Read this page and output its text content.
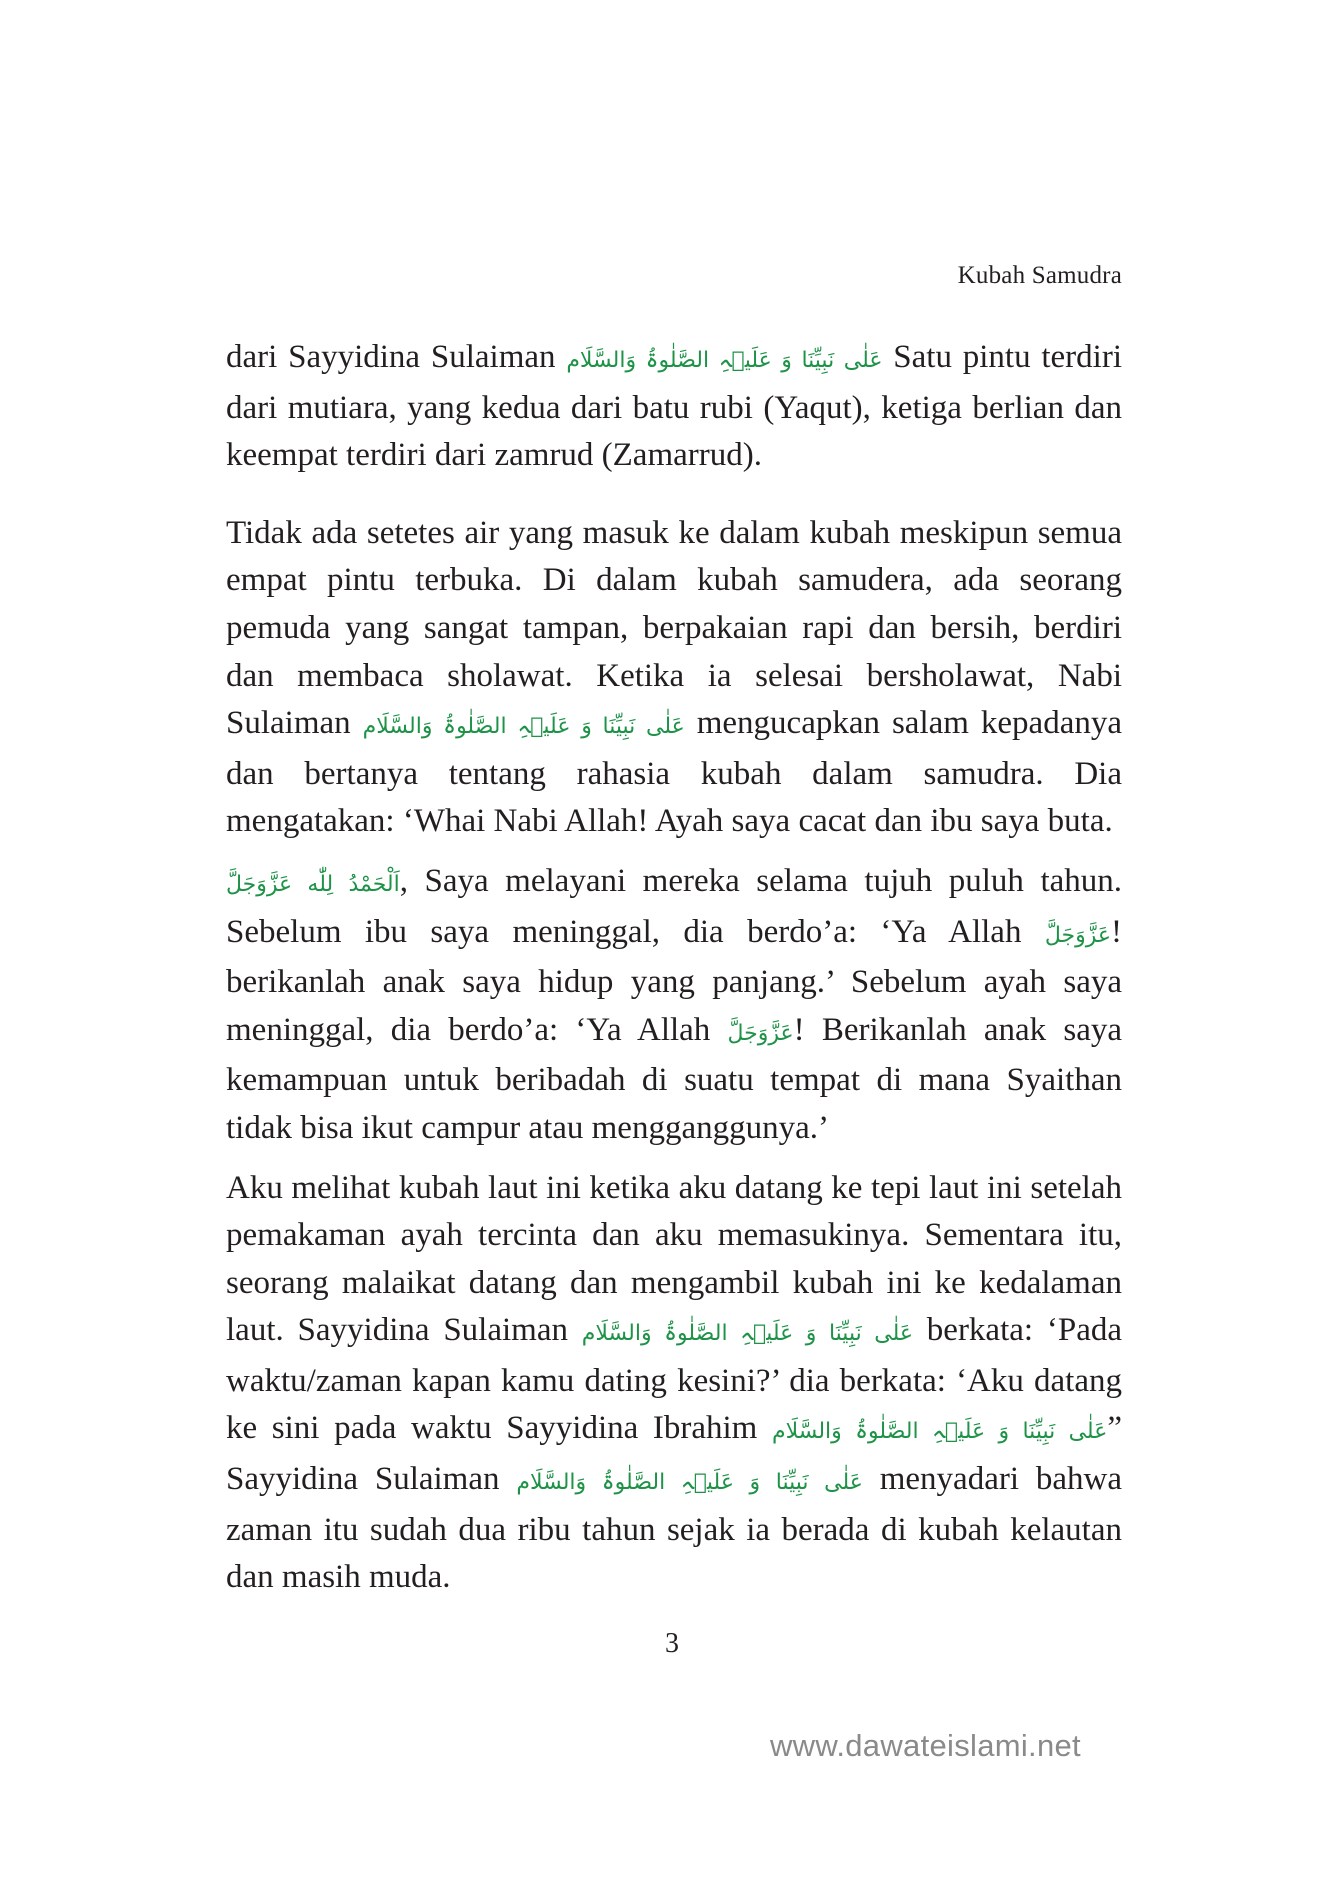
Kubah Samudra

dari Sayyidina Sulaiman عَلٰی نَبِیِّنَا وَ عَلَیۡہِ الصَّلٰوۃُ وَالسَّلَام Satu pintu terdiri dari mutiara, yang kedua dari batu rubi (Yaqut), ketiga berlian dan keempat terdiri dari zamrud (Zamarrud).

Tidak ada setetes air yang masuk ke dalam kubah meskipun semua empat pintu terbuka. Di dalam kubah samudera, ada seorang pemuda yang sangat tampan, berpakaian rapi dan bersih, berdiri dan membaca sholawat. Ketika ia selesai bersholawat, Nabi Sulaiman عَلٰی نَبِیِّنَا وَ عَلَیۡہِ الصَّلٰوۃُ وَالسَّلَام mengucapkan salam kepadanya dan bertanya tentang rahasia kubah dalam samudra. Dia mengatakan: ‘Whai Nabi Allah! Ayah saya cacat dan ibu saya buta.

اَلْحَمْدُ لِلّٰه عَزَّوَجَلَّ, Saya melayani mereka selama tujuh puluh tahun. Sebelum ibu saya meninggal, dia berdo’a: ‘Ya Allah عَزَّوَجَلَّ! berikanlah anak saya hidup yang panjang.’ Sebelum ayah saya meninggal, dia berdo’a: ‘Ya Allah عَزَّوَجَلَّ! Berikanlah anak saya kemampuan untuk beribadah di suatu tempat di mana Syaithan tidak bisa ikut campur atau mengganggunya.’

Aku melihat kubah laut ini ketika aku datang ke tepi laut ini setelah pemakaman ayah tercinta dan aku memasukinya. Sementara itu, seorang malaikat datang dan mengambil kubah ini ke kedalaman laut. Sayyidina Sulaiman عَلٰی نَبِیِّنَا وَ عَلَیۡہِ الصَّلٰوۃُ وَالسَّلَام berkata: ‘Pada waktu/zaman kapan kamu dating kesini?’ dia berkata: ‘Aku datang ke sini pada waktu Sayyidina Ibrahim عَلٰی نَبِیِّنَا وَ عَلَیۡہِ الصَّلٰوۃُ وَالسَّلَام” Sayyidina Sulaiman عَلٰی نَبِیِّنَا وَ عَلَیۡہِ الصَّلٰوۃُ وَالسَّلَام menyadari bahwa zaman itu sudah dua ribu tahun sejak ia berada di kubah kelautan dan masih muda.

3
www.dawateislami.net
